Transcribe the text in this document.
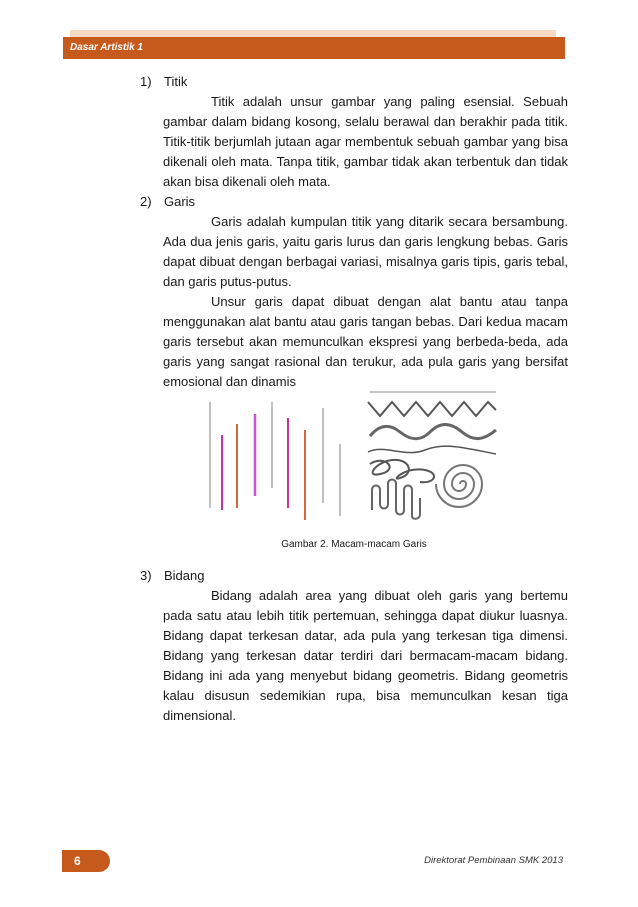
Dasar Artistik 1
1) Titik

Titik adalah unsur gambar yang paling esensial. Sebuah gambar dalam bidang kosong, selalu berawal dan berakhir pada titik. Titik-titik berjumlah jutaan agar membentuk sebuah gambar yang bisa dikenali oleh mata. Tanpa titik, gambar tidak akan terbentuk dan tidak akan bisa dikenali oleh mata.

2) Garis

Garis adalah kumpulan titik yang ditarik secara bersambung. Ada dua jenis garis, yaitu garis lurus dan garis lengkung bebas. Garis dapat dibuat dengan berbagai variasi, misalnya garis tipis, garis tebal, dan garis putus-putus.

Unsur garis dapat dibuat dengan alat bantu atau tanpa menggunakan alat bantu atau garis tangan bebas. Dari kedua macam garis tersebut akan memunculkan ekspresi yang berbeda-beda, ada garis yang sangat rasional dan terukur, ada pula garis yang bersifat emosional dan dinamis

Gambar 2. Macam-macam Garis
3) Bidang

Bidang adalah area yang dibuat oleh garis yang bertemu pada satu atau lebih titik pertemuan, sehingga dapat diukur luasnya. Bidang dapat terkesan datar, ada pula yang terkesan tiga dimensi. Bidang yang terkesan datar terdiri dari bermacam-macam bidang. Bidang ini ada yang menyebut bidang geometris. Bidang geometris kalau disusun sedemikian rupa, bisa memunculkan kesan tiga dimensional.

6	Direktorat Pembinaan SMK 2013
